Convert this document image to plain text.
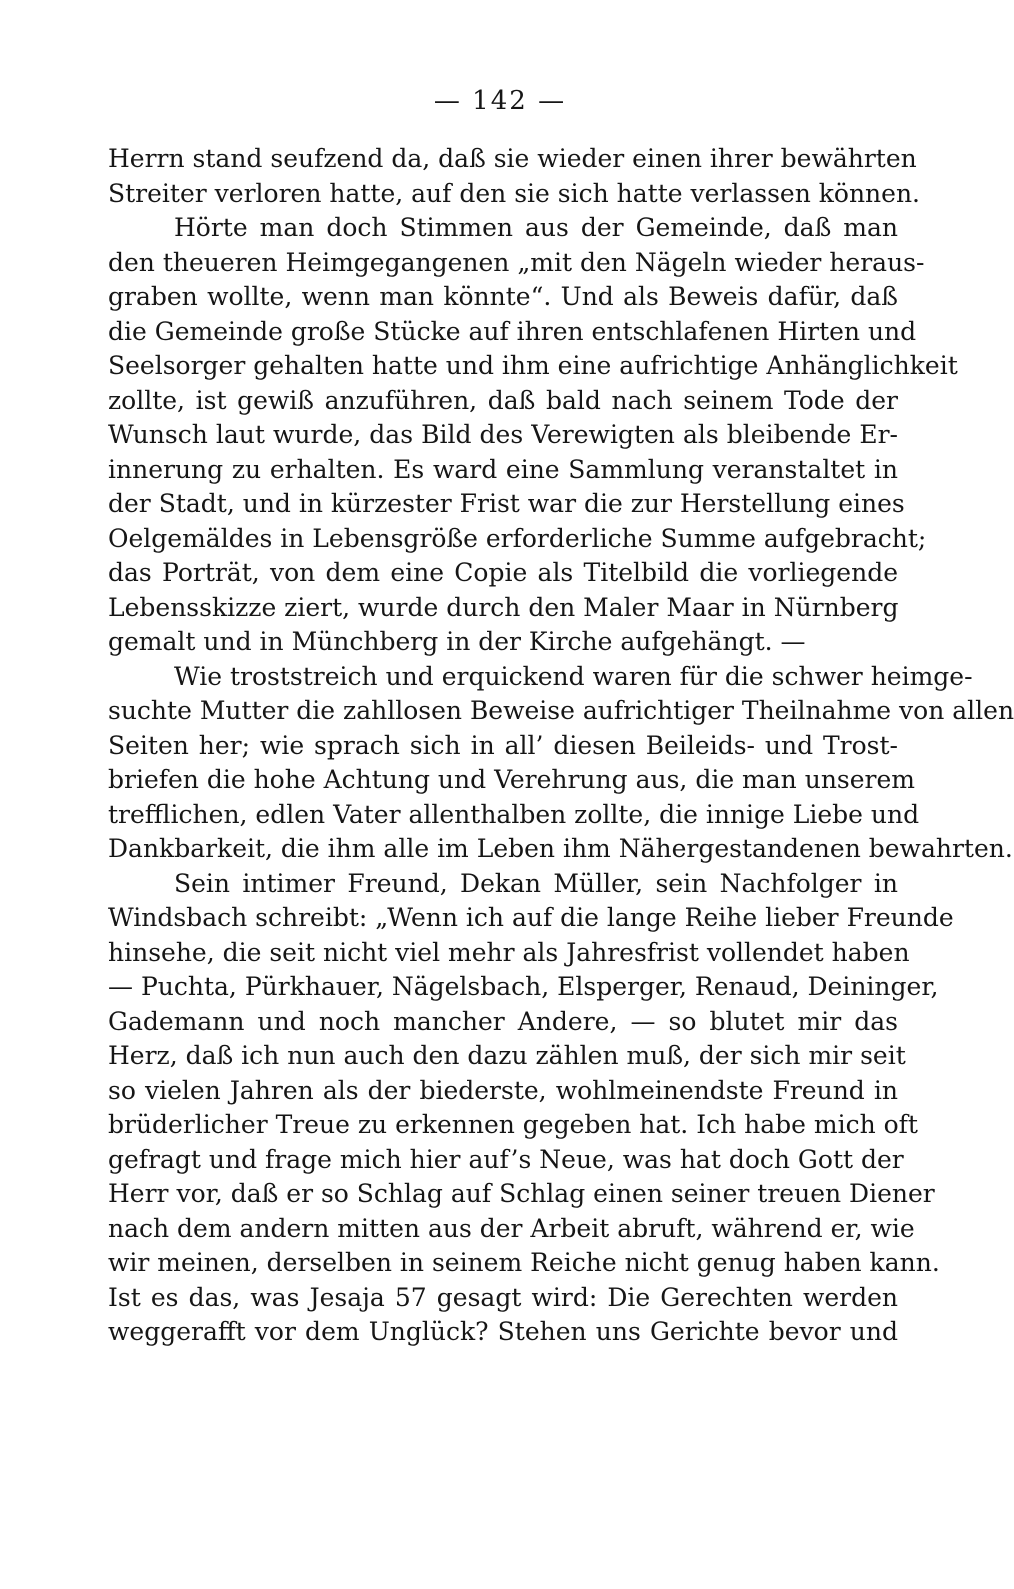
— 142 —
Herrn stand seufzend da, daß sie wieder einen ihrer bewährten
Streiter verloren hatte, auf den sie sich hatte verlassen können.
Hörte man doch Stimmen aus der Gemeinde, daß man
den theueren Heimgegangenen „mit den Nägeln wieder heraus-
graben wollte, wenn man könnte“. Und als Beweis dafür, daß
die Gemeinde große Stücke auf ihren entschlafenen Hirten und
Seelsorger gehalten hatte und ihm eine aufrichtige Anhänglichkeit
zollte, ist gewiß anzuführen, daß bald nach seinem Tode der
Wunsch laut wurde, das Bild des Verewigten als bleibende Er-
innerung zu erhalten. Es ward eine Sammlung veranstaltet in
der Stadt, und in kürzester Frist war die zur Herstellung eines
Oelgemäldes in Lebensgröße erforderliche Summe aufgebracht;
das Porträt, von dem eine Copie als Titelbild die vorliegende
Lebensskizze ziert, wurde durch den Maler Maar in Nürnberg
gemalt und in Münchberg in der Kirche aufgehängt. —
Wie troststreich und erquickend waren für die schwer heimge-
suchte Mutter die zahllosen Beweise aufrichtiger Theilnahme von allen
Seiten her; wie sprach sich in all’ diesen Beileids- und Trost-
briefen die hohe Achtung und Verehrung aus, die man unserem
trefflichen, edlen Vater allenthalben zollte, die innige Liebe und
Dankbarkeit, die ihm alle im Leben ihm Nähergestandenen bewahrten.
Sein intimer Freund, Dekan Müller, sein Nachfolger in
Windsbach schreibt: „Wenn ich auf die lange Reihe lieber Freunde
hinsehe, die seit nicht viel mehr als Jahresfrist vollendet haben
— Puchta, Pürkhauer, Nägelsbach, Elsperger, Renaud, Deininger,
Gademann und noch mancher Andere, — so blutet mir das
Herz, daß ich nun auch den dazu zählen muß, der sich mir seit
so vielen Jahren als der biederste, wohlmeinendste Freund in
brüderlicher Treue zu erkennen gegeben hat. Ich habe mich oft
gefragt und frage mich hier auf’s Neue, was hat doch Gott der
Herr vor, daß er so Schlag auf Schlag einen seiner treuen Diener
nach dem andern mitten aus der Arbeit abruft, während er, wie
wir meinen, derselben in seinem Reiche nicht genug haben kann.
Ist es das, was Jesaja 57 gesagt wird: Die Gerechten werden
weggerafft vor dem Unglück? Stehen uns Gerichte bevor und
